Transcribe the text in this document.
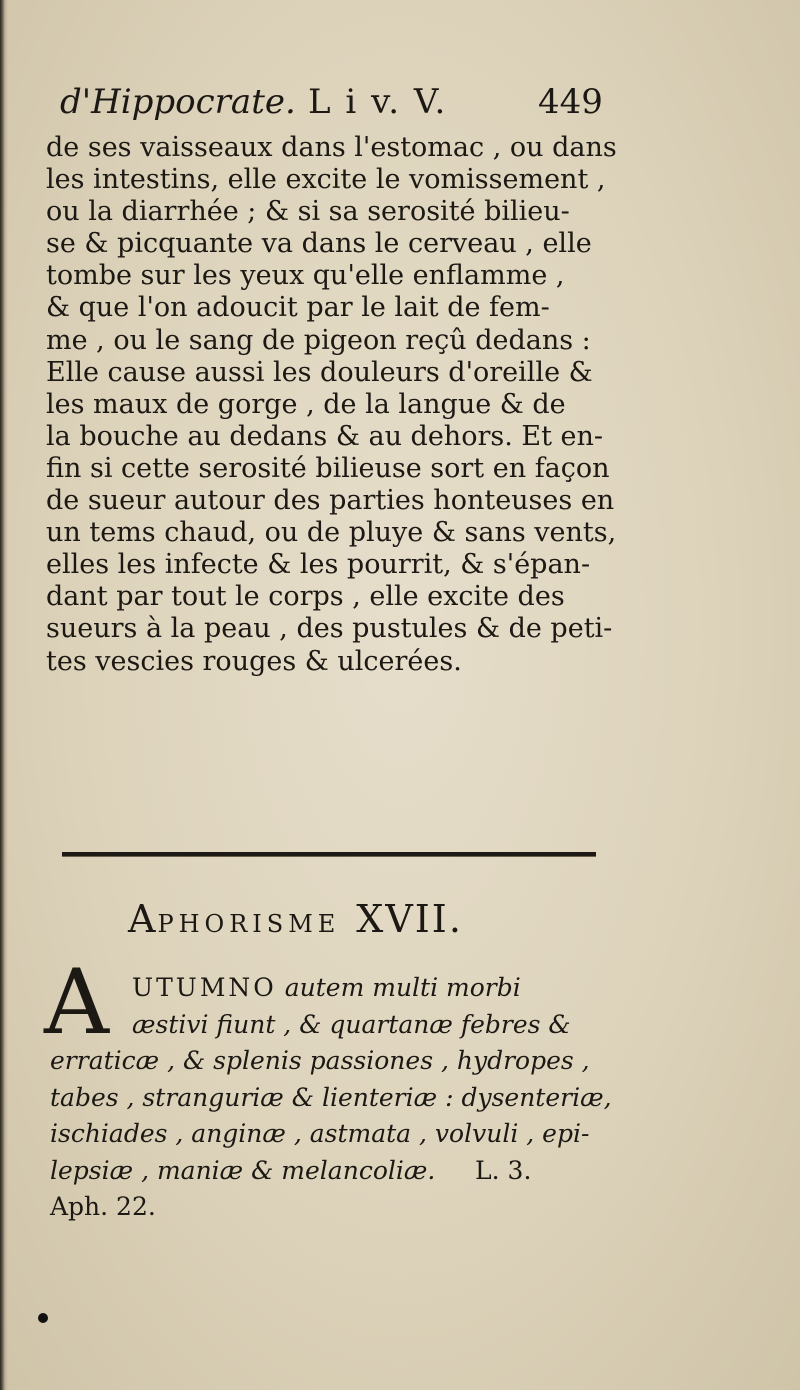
d'Hippocrate. L i v. V.	449
de ses vaisseaux dans l'estomac , ou dans
les intestins, elle excite le vomissement ,
ou la diarrhée ; & si sa serosité bilieu-
se & picquante va dans le cerveau , elle
tombe sur les yeux qu'elle enflamme ,
& que l'on adoucit par le lait de fem-
me , ou le sang de pigeon reçû dedans :
Elle cause aussi les douleurs d'oreille &
les maux de gorge , de la langue & de
la bouche au dedans & au dehors. Et en-
fin si cette serosité bilieuse sort en façon
de sueur autour des parties honteuses en
un tems chaud, ou de pluye & sans vents,
elles les infecte & les pourrit, & s'épan-
dant par tout le corps , elle excite des
sueurs à la peau , des pustules & de peti-
tes vescies rouges & ulcerées.
APHORISME XVII.
A UTUMNO autem multi morbi
æstivi fiunt , & quartanæ febres &
erraticæ , & splenis passiones , hydropes ,
tabes , stranguriæ & lienteriæ : dysenteriæ,
ischiades , anginæ , astmata , volvuli , epi-
lepsiæ , maniæ & melancoliæ. L. 3.
Aph. 22.
